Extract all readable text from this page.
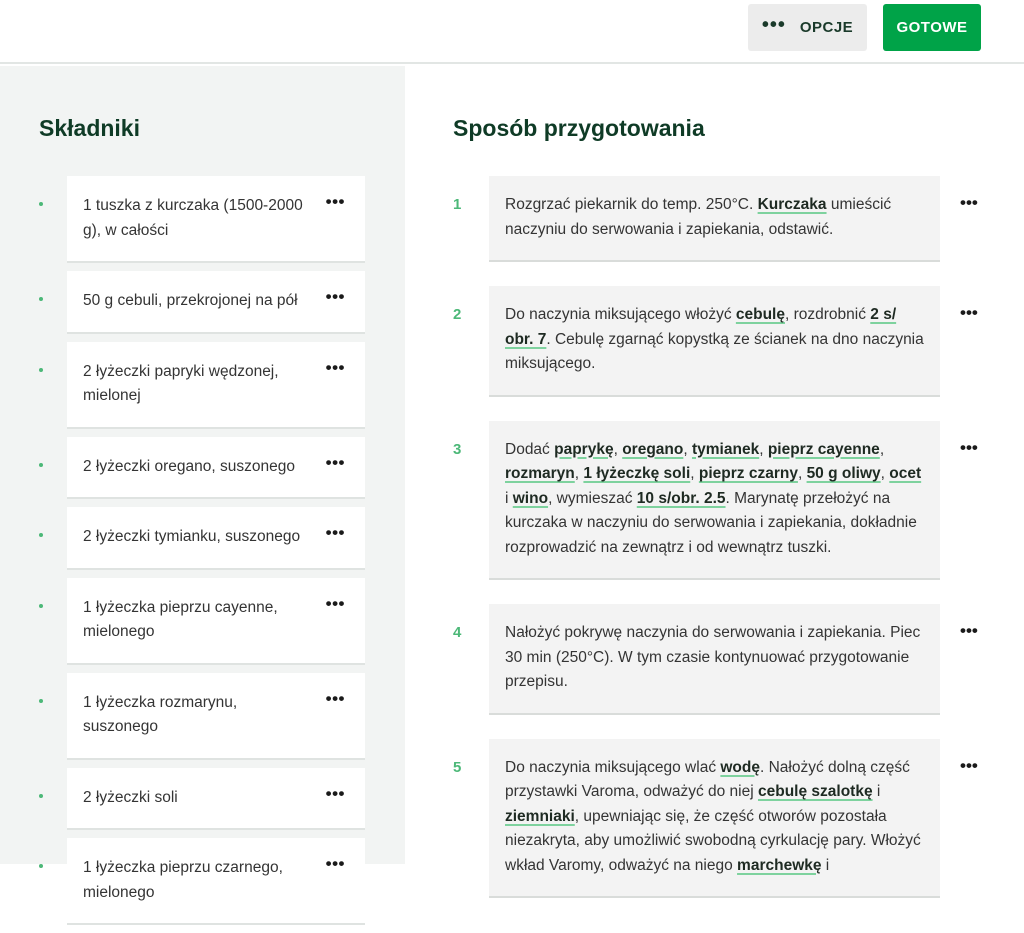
••• OPCJE	GOTOWE
Składniki
1 tuszka z kurczaka (1500-2000 g), w całości
•••
50 g cebuli, przekrojonej na pół •••
2 łyżeczki papryki wędzonej, mielonej
•••
2 łyżeczki oregano, suszonego •••
2 łyżeczki tymianku, suszonego •••
1 łyżeczka pieprzu cayenne, mielonego
•••
1 łyżeczka rozmarynu, suszonego
•••
2 łyżeczki soli	•••
1 łyżeczka pieprzu czarnego, mielonego
•••
Sposób przygotowania
1	Rozgrzać piekarnik do temp. 250°C. Kurczaka umieścić naczyniu do serwowania i zapiekania, odstawić.
•••
2	Do naczynia miksującego włożyć cebulę, rozdrobnić 2 s/ obr. 7. Cebulę zgarnąć kopystką ze ścianek na dno naczynia miksującego.
•••
3	Dodać paprykę, oregano, tymianek, pieprz cayenne, rozmaryn, 1 łyżeczkę soli, pieprz czarny, 50 g oliwy, ocet i wino, wymieszać 10 s/obr. 2.5. Marynatę przełożyć na kurczaka w naczyniu do serwowania i zapiekania, dokładnie rozprowadzić na zewnątrz i od wewnątrz tuszki.
•••
4	Nałożyć pokrywę naczynia do serwowania i zapiekania. Piec 30 min (250°C). W tym czasie kontynuować przygotowanie przepisu.
•••
5	Do naczynia miksującego wlać wodę. Nałożyć dolną część przystawki Varoma, odważyć do niej cebulę szalotkę i ziemniaki, upewniając się, że część otworów pozostała niezakryta, aby umożliwić swobodną cyrkulację pary. Włożyć wkład Varomy, odważyć na niego marchewkę i
•••
